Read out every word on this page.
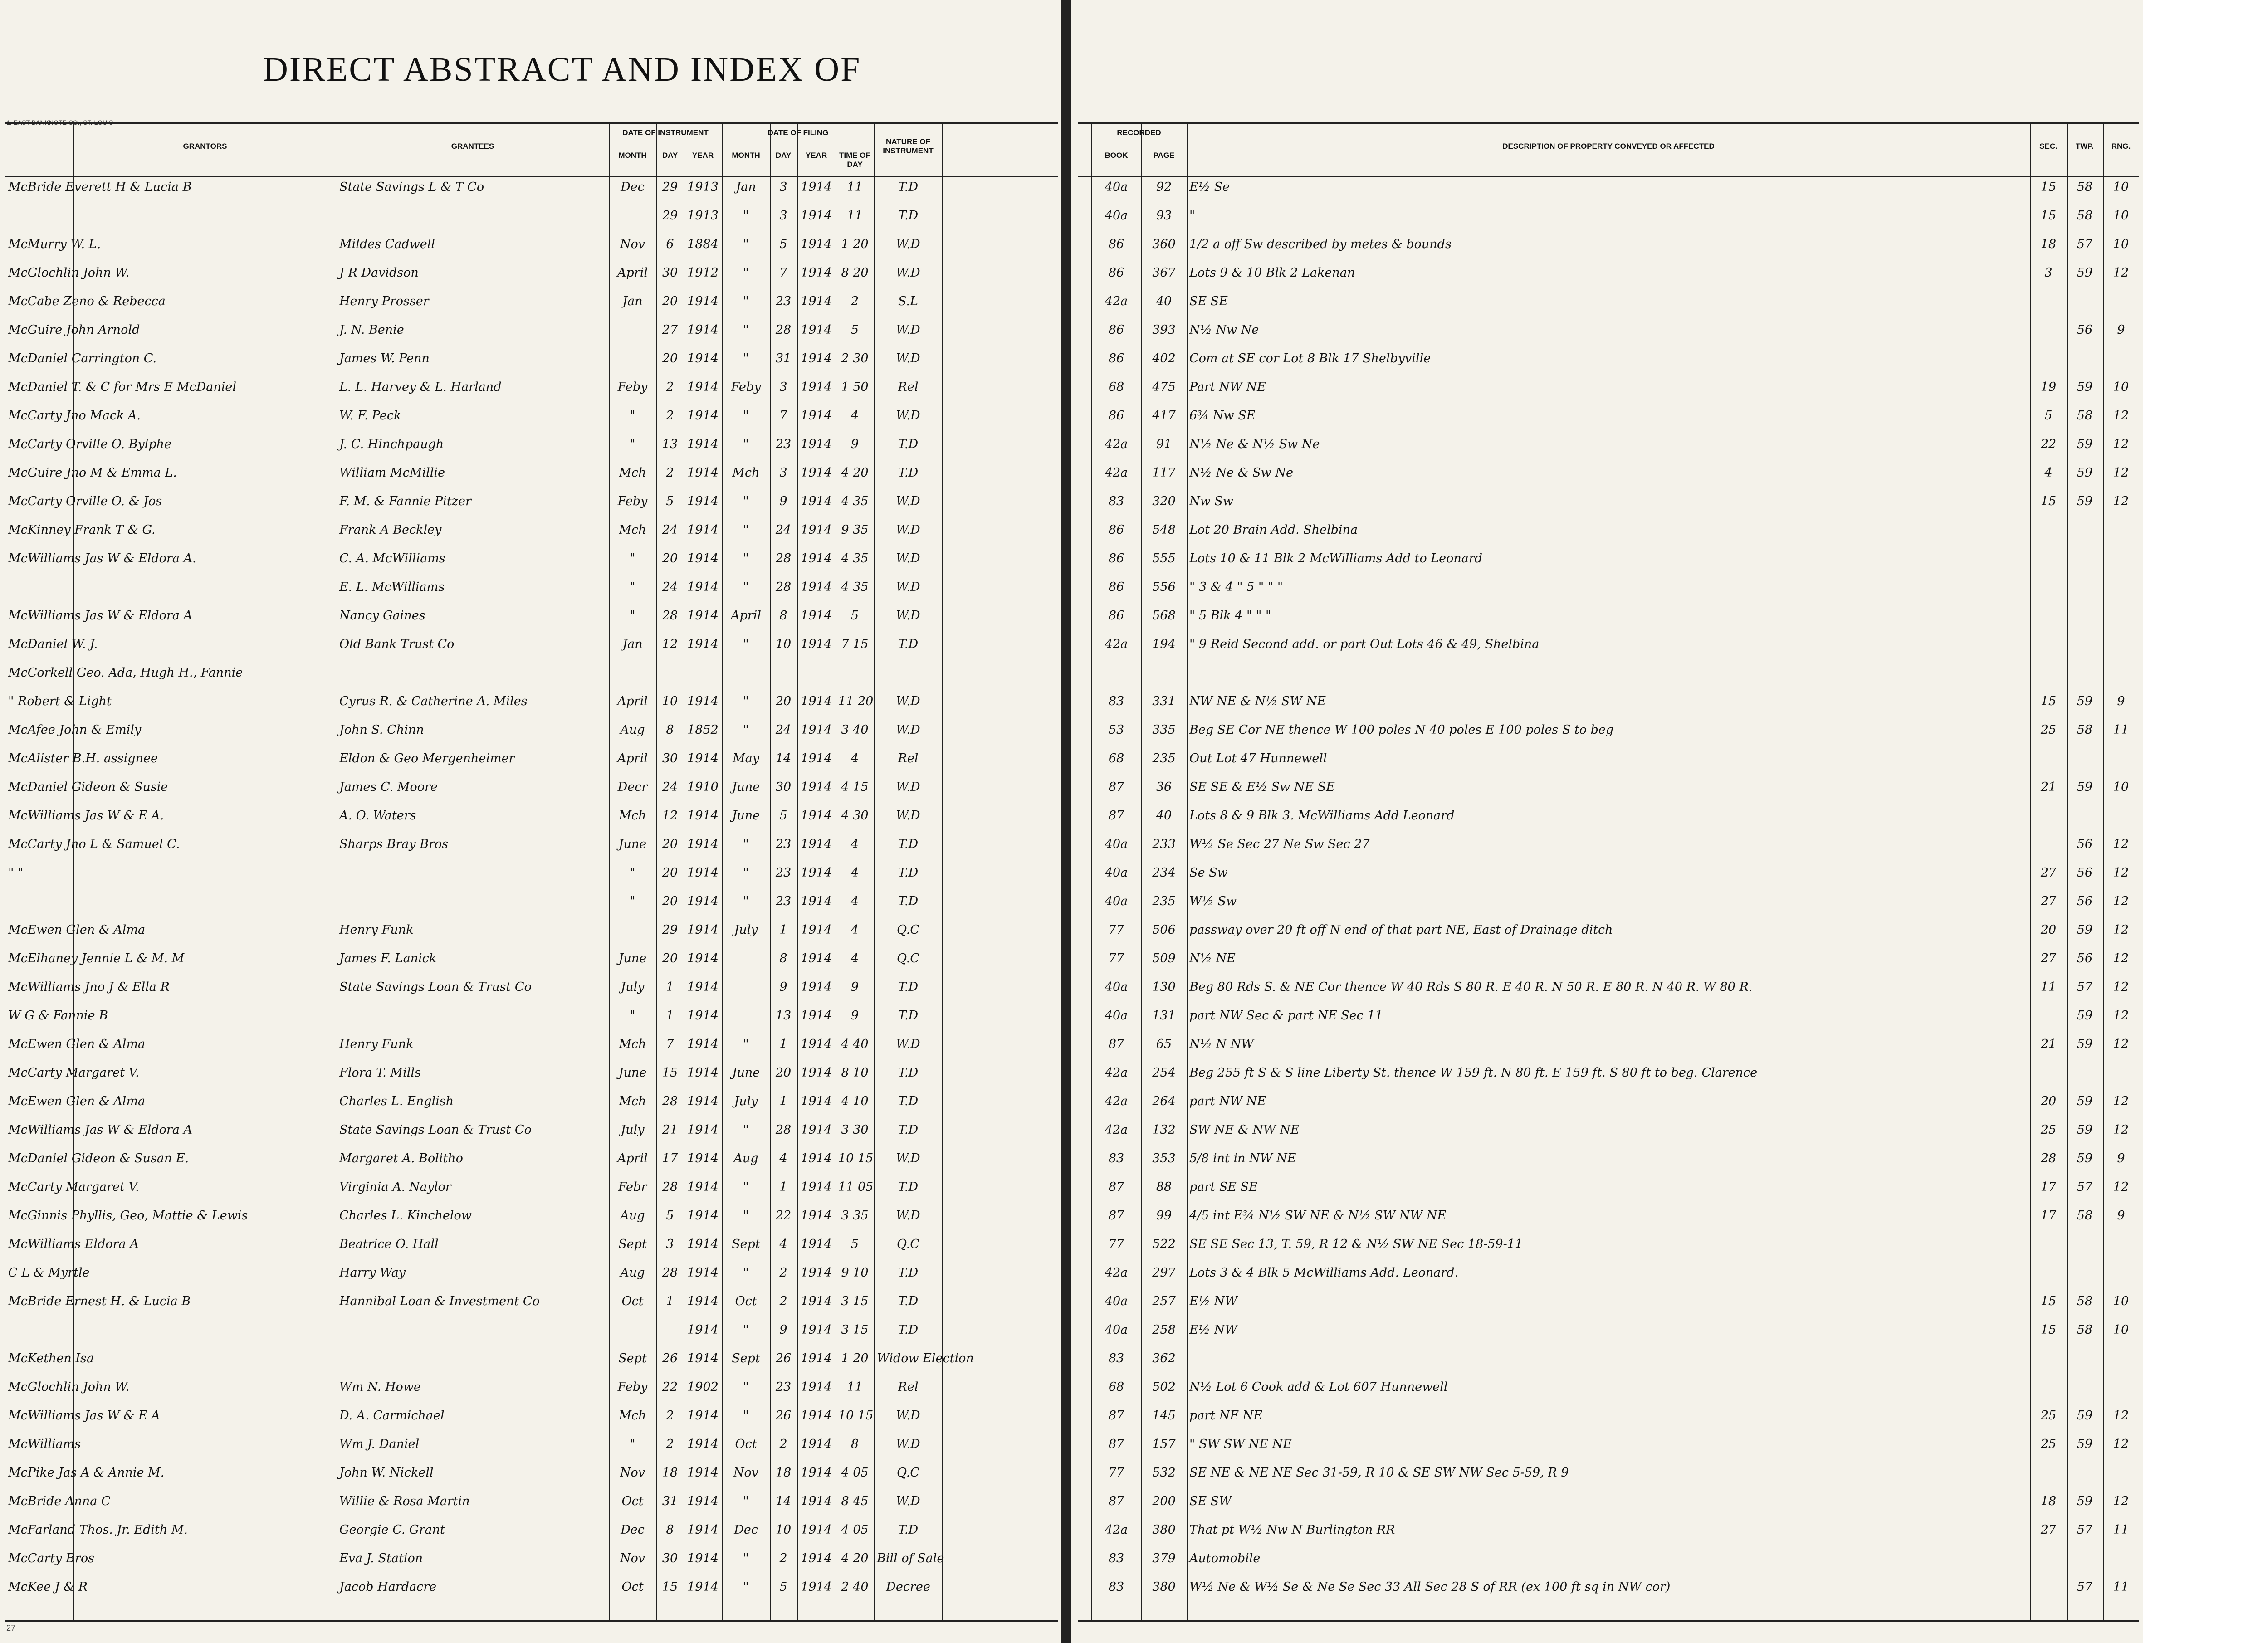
DIRECT ABSTRACT AND INDEX OF
1. EAST BANKNOTE CO., ST. LOUIS
GRANTORS	GRANTEES
DATE OF INSTRUMENT
MONTH	DAY	YEAR
DATE OF FILING
MONTH	DAY	YEAR	TIME OF DAY
NATURE OF INSTRUMENT
McBride Everett H & Lucia B	State Savings L & T Co	Dec	29 1913	Jan	3	1914	11	T.D
29 1913	"	3	1914	11	T.D
McMurry W. L.	Mildes Cadwell	Nov	6	1884	"	5	1914 1 20	W.D
McGlochlin John W.	J R Davidson	April	30 1912	"	7	1914 8 20	W.D
McCabe Zeno & Rebecca	Henry Prosser	Jan	20 1914	"	23 1914	2	S.L
McGuire John Arnold	J. N. Benie	27 1914	"	28 1914	5	W.D
McDaniel Carrington C.	James W. Penn	20 1914	"	31 1914 2 30	W.D
McDaniel T. & C for Mrs E McDaniel	L. L. Harvey & L. Harland	Feby	2	1914	Feby	3	1914 1 50	Rel
McCarty Jno Mack A.	W. F. Peck	"	2	1914	"	7	1914	4	W.D
McCarty Orville O. Bylphe	J. C. Hinchpaugh	"	13 1914	"	23 1914	9	T.D
McGuire Jno M & Emma L.	William McMillie	Mch	2	1914	Mch	3	1914 4 20	T.D
McCarty Orville O. & Jos	F. M. & Fannie Pitzer	Feby	5	1914	"	9	1914 4 35	W.D
McKinney Frank T & G.	Frank A Beckley	Mch	24 1914	"	24 1914 9 35	W.D
McWilliams Jas W & Eldora A.	C. A. McWilliams	"	20 1914	"	28 1914 4 35	W.D
E. L. McWilliams	"	24 1914	"	28 1914 4 35	W.D
McWilliams Jas W & Eldora A	Nancy Gaines	"	28 1914	April	8	1914	5	W.D
McDaniel W. J.	Old Bank Trust Co	Jan	12 1914	"	10 1914 7 15	T.D
McCorkell Geo. Ada, Hugh H., Fannie
" Robert & Light	Cyrus R. & Catherine A. Miles	April	10 1914	"	20 1914 11 20	W.D
McAfee John & Emily	John S. Chinn	Aug	8	1852	"	24 1914 3 40	W.D
McAlister B.H. assignee	Eldon & Geo Mergenheimer	April	30 1914	May	14 1914	4	Rel
McDaniel Gideon & Susie	James C. Moore	Decr	24 1910	June	30 1914 4 15	W.D
McWilliams Jas W & E A.	A. O. Waters	Mch	12 1914	June	5	1914 4 30	W.D
McCarty Jno L & Samuel C.	Sharps Bray Bros	June	20 1914	"	23 1914	4	T.D
" "	"	20 1914	"	23 1914	4	T.D
"	20 1914	"	23 1914	4	T.D
McEwen Glen & Alma	Henry Funk	29 1914	July	1	1914	4	Q.C
McElhaney Jennie L & M. M	James F. Lanick	June	20 1914	8	1914	4	Q.C
McWilliams Jno J & Ella R	State Savings Loan & Trust Co	July	1	1914	9	1914	9	T.D
W G & Fannie B	"	1	1914	13 1914	9	T.D
McEwen Glen & Alma	Henry Funk	Mch	7	1914	"	1	1914 4 40	W.D
McCarty Margaret V.	Flora T. Mills	June	15 1914	June	20 1914 8 10	T.D
McEwen Glen & Alma	Charles L. English	Mch	28 1914	July	1	1914 4 10	T.D
McWilliams Jas W & Eldora A	State Savings Loan & Trust Co	July	21 1914	"	28 1914 3 30	T.D
McDaniel Gideon & Susan E.	Margaret A. Bolitho	April	17 1914	Aug	4	1914 10 15	W.D
McCarty Margaret V.	Virginia A. Naylor	Febr	28 1914	"	1	1914 11 05	T.D
McGinnis Phyllis, Geo, Mattie & Lewis	Charles L. Kinchelow	Aug	5	1914	"	22 1914 3 35	W.D
McWilliams Eldora A	Beatrice O. Hall	Sept	3	1914	Sept	4	1914	5	Q.C
C L & Myrtle	Harry Way	Aug	28 1914	"	2	1914 9 10	T.D
McBride Ernest H. & Lucia B	Hannibal Loan & Investment Co	Oct	1	1914	Oct	2	1914 3 15	T.D
1914	"	9	1914 3 15	T.D
McKethen Isa	Sept	26 1914	Sept	26 1914 1 20 Widow Election
McGlochlin John W.	Wm N. Howe	Feby	22 1902	"	23 1914	11	Rel
McWilliams Jas W & E A	D. A. Carmichael	Mch	2	1914	"	26 1914 10 15	W.D
McWilliams	Wm J. Daniel	"	2	1914	Oct	2	1914	8	W.D
McPike Jas A & Annie M.	John W. Nickell	Nov	18 1914	Nov	18 1914 4 05	Q.C
McBride Anna C	Willie & Rosa Martin	Oct	31 1914	"	14 1914 8 45	W.D
McFarland Thos. Jr. Edith M.	Georgie C. Grant	Dec	8	1914	Dec	10 1914 4 05	T.D
McCarty Bros	Eva J. Station	Nov	30 1914	"	2	1914 4 20 Bill of Sale
McKee J & R	Jacob Hardacre	Oct	15 1914	"	5	1914 2 40	Decree
RECORDED
BOOK	PAGE
DESCRIPTION OF PROPERTY CONVEYED OR AFFECTED	SEC.	TWP.	RNG.
40a	92	E½ Se	15	58	10
40a	93	"	15	58	10
86	360	1/2 a off Sw described by metes & bounds	18	57	10
86	367	Lots 9 & 10 Blk 2 Lakenan	3	59	12
42a	40	SE SE
86	393	N½ Nw Ne	56	9
86	402	Com at SE cor Lot 8 Blk 17 Shelbyville
68	475	Part NW NE	19	59	10
86	417	6¾ Nw SE	5	58	12
42a	91	N½ Ne & N½ Sw Ne	22	59	12
42a	117	N½ Ne & Sw Ne	4	59	12
83	320	Nw Sw	15	59	12
86	548	Lot 20 Brain Add. Shelbina
86	555	Lots 10 & 11 Blk 2 McWilliams Add to Leonard
86	556	" 3 & 4 " 5 " " "
86	568	" 5 Blk 4 " " "
42a	194	" 9 Reid Second add. or part Out Lots 46 & 49, Shelbina
83	331	NW NE & N½ SW NE	15	59	9
53	335	Beg SE Cor NE thence W 100 poles N 40 poles E 100 poles S to beg	25	58	11
68	235	Out Lot 47 Hunnewell
87	36	SE SE & E½ Sw NE SE	21	59	10
87	40	Lots 8 & 9 Blk 3. McWilliams Add Leonard
40a	233	W½ Se Sec 27 Ne Sw Sec 27	56	12
40a	234	Se Sw	27	56	12
40a	235	W½ Sw	27	56	12
77	506	passway over 20 ft off N end of that part NE, East of Drainage ditch	20	59	12
77	509	N½ NE	27	56	12
40a	130	Beg 80 Rds S. & NE Cor thence W 40 Rds S 80 R. E 40 R. N 50 R. E 80 R. N 40 R. W 80 R.	11	57	12
40a	131	part NW Sec & part NE Sec 11	59	12
87	65	N½ N NW	21	59	12
42a	254	Beg 255 ft S & S line Liberty St. thence W 159 ft. N 80 ft. E 159 ft. S 80 ft to beg. Clarence
42a	264	part NW NE	20	59	12
42a	132	SW NE & NW NE	25	59	12
83	353	5/8 int in NW NE	28	59	9
87	88	part SE SE	17	57	12
87	99	4/5 int E¾ N½ SW NE & N½ SW NW NE	17	58	9
77	522	SE SE Sec 13, T. 59, R 12 & N½ SW NE Sec 18-59-11
42a	297	Lots 3 & 4 Blk 5 McWilliams Add. Leonard.
40a	257	E½ NW	15	58	10
40a	258	E½ NW	15	58	10
83	362
68	502	N½ Lot 6 Cook add & Lot 607 Hunnewell
87	145	part NE NE	25	59	12
87	157	" SW SW NE NE	25	59	12
77	532	SE NE & NE NE Sec 31-59, R 10 & SE SW NW Sec 5-59, R 9
87	200	SE SW	18	59	12
42a	380	That pt W½ Nw N Burlington RR	27	57	11
83	379	Automobile
83	380	W½ Ne & W½ Se & Ne Se Sec 33 All Sec 28 S of RR (ex 100 ft sq in NW cor)	57	11
27
